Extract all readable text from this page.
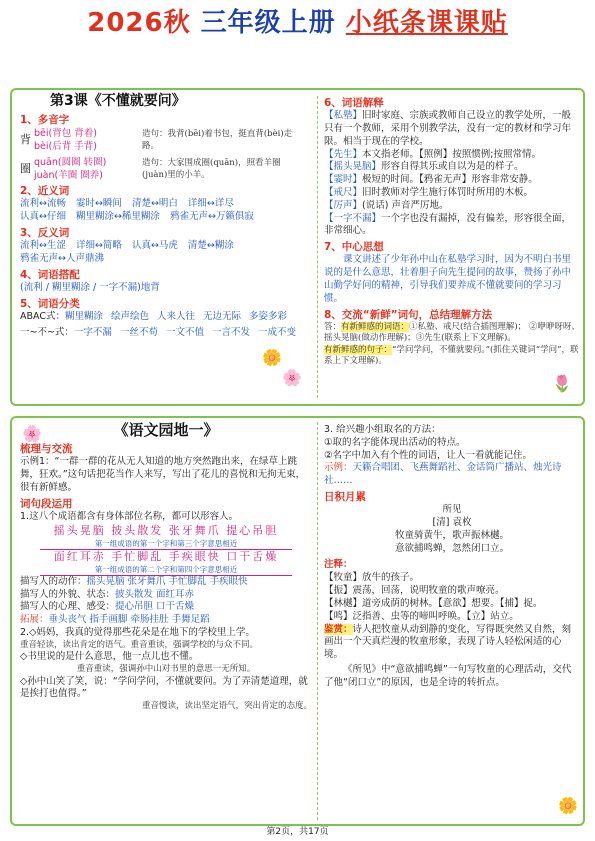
2026秋 三年级上册 小纸条课课贴
第3课《不懂就要问》
1、多音字
背 bēi(背包 背着)
bèi(后背 手背)
造句：我背(bēi)着书包，挺直背(bèi)走路。
圈 quān(圆圈 转圈)
juàn(羊圈 圈养)
造句：大家围成圈(quān)，照看羊圈(juàn)里的小羊。
2、近义词
流利↔流畅 霎时↔瞬间 清楚↔明白 详细↔详尽
认真↔仔细 糊里糊涂↔稀里糊涂 鸦雀无声↔万籁俱寂
3、反义词
流利↔生涩 详细↔简略 认真↔马虎 清楚↔糊涂
鸦雀无声↔人声鼎沸
4、词语搭配
(流利 / 糊里糊涂 / 一字不漏)地背
5、词语分类
ABAC式： 糊里糊涂 绘声绘色 人来人往 无边无际 多姿多彩
一~不~式： 一字不漏 一丝不苟 一文不值 一言不发 一成不变
6、词语解释
【私塾】旧时家庭、宗族或教师自己设立的教学处所，一般只有一个教师，采用个别教学法，没有一定的教材和学习年限。相当于现在的学校。
【先生】本文指老师。【照例】按照惯例;按照常情。
【摇头晃脑】形容自得其乐或自以为是的样子。
【霎时】极短的时间。【鸦雀无声】形容非常安静。
【戒尺】旧时教师对学生施行体罚时所用的木板。
【厉声】(说话) 声音严厉地。
【一字不漏】一个字也没有漏掉，没有偏差，形容很全面，非常细心。
7、中心思想
课文讲述了少年孙中山在私塾学习时，因为不明白书里说的是什么意思，壮着胆子向先生提问的故事，赞扬了孙中山勤学好问的精神，引导我们要养成不懂就要问的学习习惯。
8、交流“新鲜”词句，总结理解方法
答：有新鲜感的词语：①私塾、戒尺(结合插图理解)； ②咿咿呀呀、摇头晃脑(做动作理解)；③先生(联系上下文理解)。
有新鲜感的句子：“学问学问，不懂就要问。”(抓住关键词“学问”，联系上下文理解)。
🌼
🌸	🌷
《语文园地一》
梳理与交流
示例1：“一群一群的花从无人知道的地方突然跑出来，在绿草上跳舞，狂欢。”这句话把花当作人来写，写出了花儿的喜悦和无拘无束，很有新鲜感。
词句段运用
1.这八个成语都含有身体部位名称，都可以形容人。
摇头晃脑 披头散发 张牙舞爪 提心吊胆
第一组成语的第一个字和第三个字意思相近
面红耳赤 手忙脚乱 手疾眼快 口干舌燥
第一组成语的第二个字和第四个字意思相近
描写人的动作：摇头晃脑 张牙舞爪 手忙脚乱 手疾眼快
描写人的外貌、状态：披头散发 面红耳赤
描写人的心理、感受：提心吊胆 口干舌燥
拓展：垂头丧气 指手画脚 牵肠挂肚 手舞足蹈
2.◇妈妈，我真的觉得那些花朵是在地下的学校里上学。
重音轻读，读出肯定的语气。重音重读，强调学校的与众不同。
◇书里说的是什么意思，他一点儿也不懂。
重音重读，强调孙中山对书里的意思一无所知。
◇孙中山笑了笑，说：“学问学问，不懂就要问。为了弄清楚道理，就是挨打也值得。”
重音慢读，读出坚定语气，突出肯定的态度。
3. 给兴趣小组取名的方法：
①取的名字能体现出活动的特点。
②名字中加入有个性的词语，让人一看就能记住。
示例：天籁合唱团、飞燕舞蹈社、金话筒广播站、烛光诗社……
日积月累
所见
[清] 袁枚
牧童骑黄牛，歌声振林樾。
意欲捕鸣蝉，忽然闭口立。
注释：
【牧童】放牛的孩子。
【振】震荡，回荡，说明牧童的歌声嘹亮。
【林樾】道旁成荫的树林。【意欲】想要。【捕】捉。
【鸣】泛指善、虫等的啼叫呼唤。【立】站立。
鉴赏：诗人把牧童从动到静的变化，写得既突然又自然，刻画出一个天真烂漫的牧童形象，表现了诗人轻松闲适的心境。
《所见》中“意欲捕鸣蝉”一句写牧童的心理活动，交代了他“闭口立”的原因，也是全诗的转折点。
🌸
🌼
第2页，共17页
